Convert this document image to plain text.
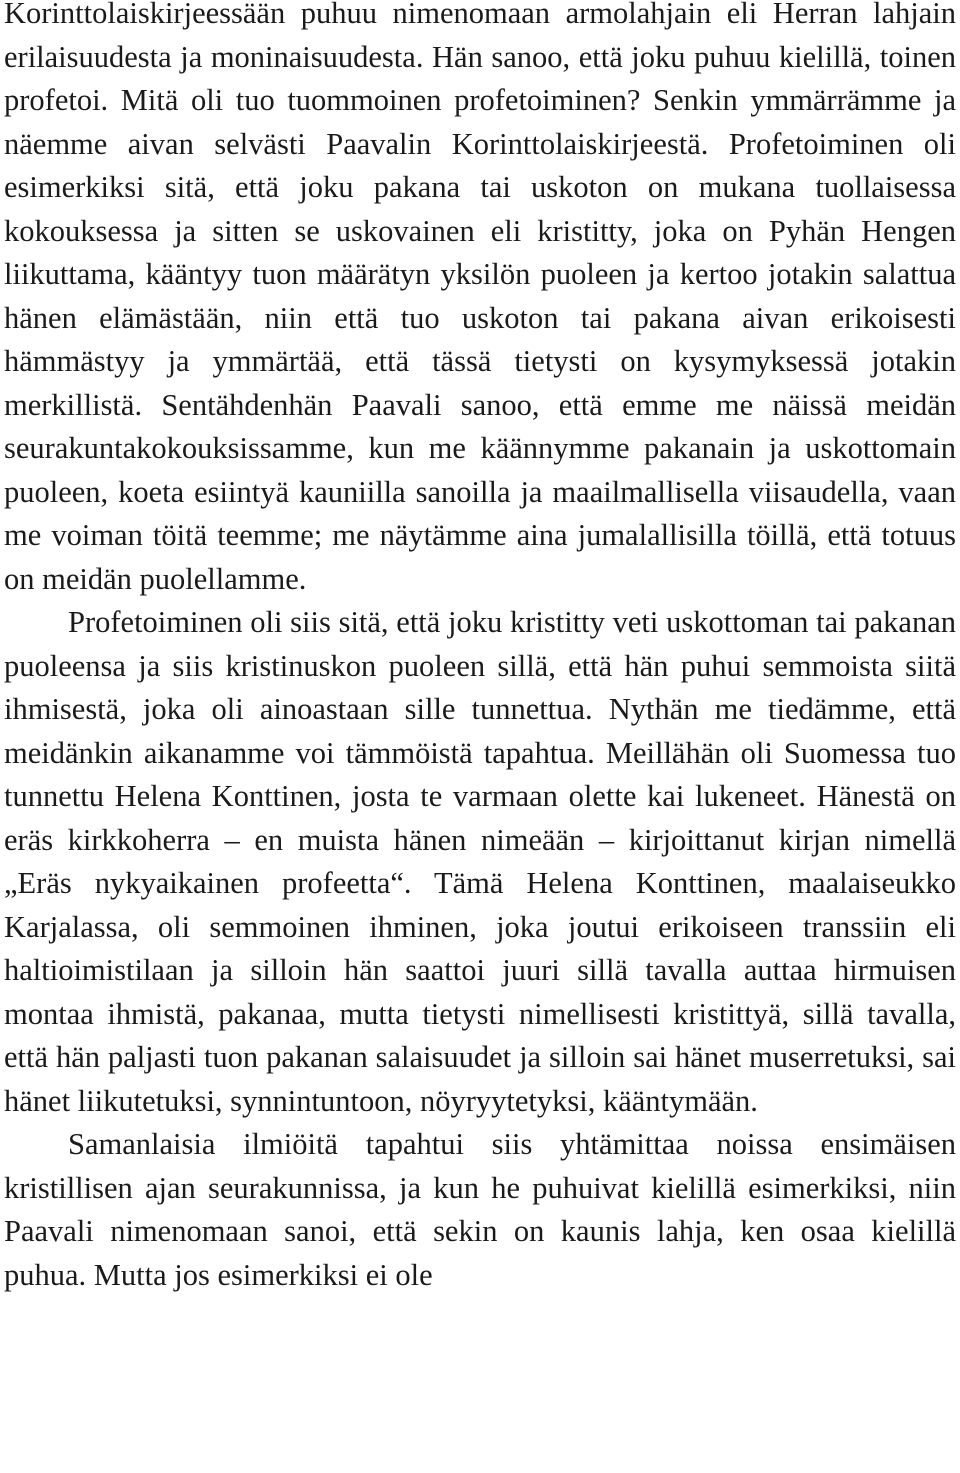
Korinttolaiskirjeessään puhuu nimenomaan armolahjain eli Herran lahjain erilaisuudesta ja moninaisuudesta. Hän sanoo, että joku puhuu kielillä, toinen profetoi. Mitä oli tuo tuommoinen profetoiminen? Senkin ymmärrämme ja näemme aivan selvästi Paavalin Korinttolaiskirjeestä. Profetoiminen oli esimerkiksi sitä, että joku pakana tai uskoton on mukana tuollaisessa kokouksessa ja sitten se uskovainen eli kristitty, joka on Pyhän Hengen liikuttama, kääntyy tuon määrätyn yksilön puoleen ja kertoo jotakin salattua hänen elämästään, niin että tuo uskoton tai pakana aivan erikoisesti hämmästyy ja ymmärtää, että tässä tietysti on kysymyksessä jotakin merkillistä. Sentähdenhän Paavali sanoo, että emme me näissä meidän seurakuntakokouksissamme, kun me käännymme pakanain ja uskottomain puoleen, koeta esiintyä kauniilla sanoilla ja maailmallisella viisaudella, vaan me voiman töitä teemme; me näytämme aina jumalallisilla töillä, että totuus on meidän puolellamme.

Profetoiminen oli siis sitä, että joku kristitty veti uskottoman tai pakanan puoleensa ja siis kristinuskon puoleen sillä, että hän puhui semmoista siitä ihmisestä, joka oli ainoastaan sille tunnettua. Nythän me tiedämme, että meidänkin aikanamme voi tämmöistä tapahtua. Meillähän oli Suomessa tuo tunnettu Helena Konttinen, josta te varmaan olette kai lukeneet. Hänestä on eräs kirkkoherra – en muista hänen nimeään – kirjoittanut kirjan nimellä „Eräs nykyaikainen profeetta“. Tämä Helena Konttinen, maalaiseukko Karjalassa, oli semmoinen ihminen, joka joutui erikoiseen transsiin eli haltioimistilaan ja silloin hän saattoi juuri sillä tavalla auttaa hirmuisen montaa ihmistä, pakanaa, mutta tietysti nimellisesti kristittyä, sillä tavalla, että hän paljasti tuon pakanan salaisuudet ja silloin sai hänet muserretuksi, sai hänet liikutetuksi, synnintuntoon, nöyryytetyksi, kääntymään.

Samanlaisia ilmiöitä tapahtui siis yhtämittaa noissa ensimäisen kristillisen ajan seurakunnissa, ja kun he puhuivat kielillä esimerkiksi, niin Paavali nimenomaan sanoi, että sekin on kaunis lahja, ken osaa kielillä puhua. Mutta jos esimerkiksi ei ole
